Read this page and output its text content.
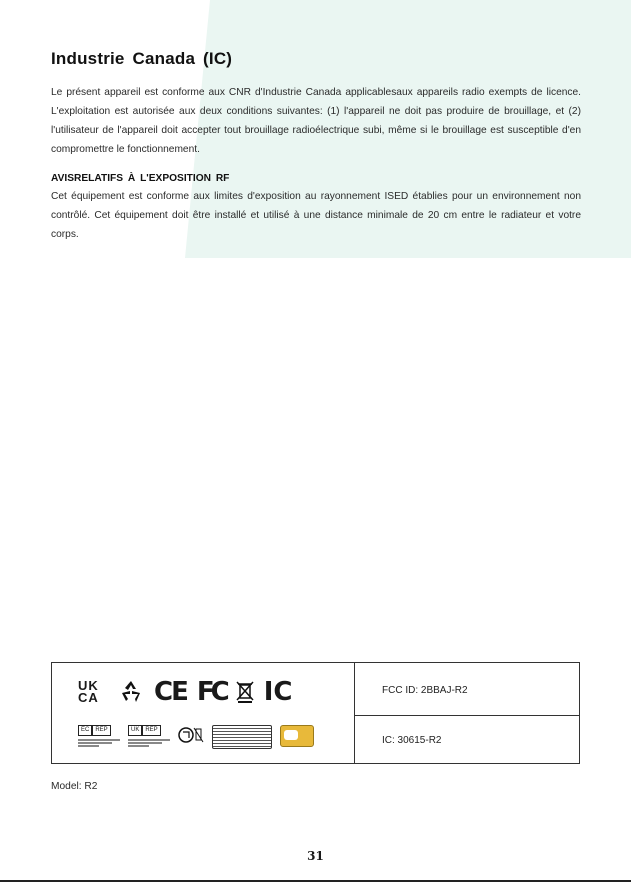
Industrie Canada (IC)

Le présent appareil est conforme aux CNR d'Industrie Canada applicablesaux appareils radio exempts de licence. L'exploitation est autorisée aux deux conditions suivantes: (1) l'appareil ne doit pas produire de brouillage, et (2) l'utilisateur de l'appareil doit accepter tout brouillage radioélectrique subi, même si le brouillage est susceptible d'en compromettre le fonctionnement.

AVISRELATIFS À L'EXPOSITION RF

Cet équipement est conforme aux limites d'exposition au rayonnement ISED établies pour un environnement non contrôlé. Cet équipement doit être installé et utilisé à une distance minimale de 20 cm entre le radiateur et votre corps.

UK
CA	CE FC IC
EC	REP	UK	REP
FCC ID: 2BBAJ-R2
IC: 30615-R2
Model: R2
31
